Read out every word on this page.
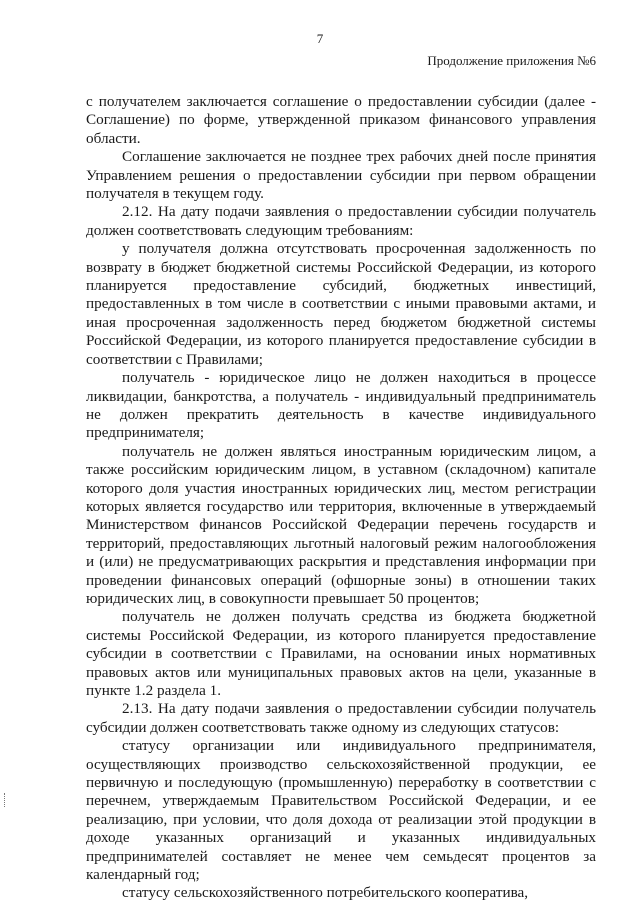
7
Продолжение приложения №6

с получателем заключается соглашение о предоставлении субсидии (далее - Соглашение) по форме, утвержденной приказом финансового управления области.

Соглашение заключается не позднее трех рабочих дней после принятия Управлением решения о предоставлении субсидии при первом обращении получателя в текущем году.

2.12. На дату подачи заявления о предоставлении субсидии получатель должен соответствовать следующим требованиям:

у получателя должна отсутствовать просроченная задолженность по возврату в бюджет бюджетной системы Российской Федерации, из которого планируется предоставление субсидий, бюджетных инвестиций, предоставленных в том числе в соответствии с иными правовыми актами, и иная просроченная задолженность перед бюджетом бюджетной системы Российской Федерации, из которого планируется предоставление субсидии в соответствии с Правилами;

получатель - юридическое лицо не должен находиться в процессе ликвидации, банкротства, а получатель - индивидуальный предприниматель не должен прекратить деятельность в качестве индивидуального предпринимателя;

получатель не должен являться иностранным юридическим лицом, а также российским юридическим лицом, в уставном (складочном) капитале которого доля участия иностранных юридических лиц, местом регистрации которых является государство или территория, включенные в утверждаемый Министерством финансов Российской Федерации перечень государств и территорий, предоставляющих льготный налоговый режим налогообложения и (или) не предусматривающих раскрытия и представления информации при проведении финансовых операций (офшорные зоны) в отношении таких юридических лиц, в совокупности превышает 50 процентов;

получатель не должен получать средства из бюджета бюджетной системы Российской Федерации, из которого планируется предоставление субсидии в соответствии с Правилами, на основании иных нормативных правовых актов или муниципальных правовых актов на цели, указанные в пункте 1.2 раздела 1.

2.13. На дату подачи заявления о предоставлении субсидии получатель субсидии должен соответствовать также одному из следующих статусов:

статусу организации или индивидуального предпринимателя, осуществляющих производство сельскохозяйственной продукции, ее первичную и последующую (промышленную) переработку в соответствии с перечнем, утверждаемым Правительством Российской Федерации, и ее реализацию, при условии, что доля дохода от реализации этой продукции в доходе указанных организаций и указанных индивидуальных предпринимателей составляет не менее чем семьдесят процентов за календарный год;

статусу сельскохозяйственного потребительского кооператива,
